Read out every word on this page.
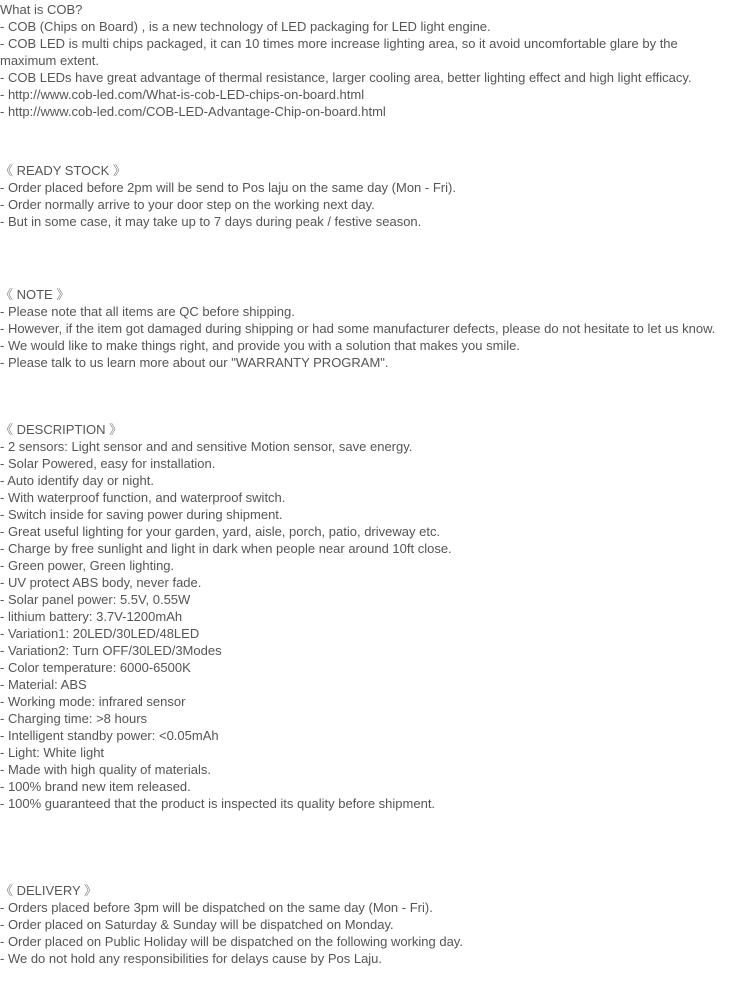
What is COB?

- COB (Chips on Board) , is a new technology of LED packaging for LED light engine.

- COB LED is multi chips packaged, it can 10 times more increase lighting area, so it avoid uncomfortable glare by the maximum extent.

- COB LEDs have great advantage of thermal resistance, larger cooling area, better lighting effect and high light efficacy.

- http://www.cob-led.com/What-is-cob-LED-chips-on-board.html

- http://www.cob-led.com/COB-LED-Advantage-Chip-on-board.html

《 READY STOCK 》

- Order placed before 2pm will be send to Pos laju on the same day (Mon - Fri).

- Order normally arrive to your door step on the working next day.

- But in some case, it may take up to 7 days during peak / festive season.

《 NOTE 》

- Please note that all items are QC before shipping.

- However, if the item got damaged during shipping or had some manufacturer defects, please do not hesitate to let us know.

- We would like to make things right, and provide you with a solution that makes you smile.

- Please talk to us learn more about our "WARRANTY PROGRAM".

《 DESCRIPTION 》

- 2 sensors: Light sensor and and sensitive Motion sensor, save energy.

- Solar Powered, easy for installation.

- Auto identify day or night.

- With waterproof function, and waterproof switch.

- Switch inside for saving power during shipment.

- Great useful lighting for your garden, yard, aisle, porch, patio, driveway etc.

- Charge by free sunlight and light in dark when people near around 10ft close.

- Green power, Green lighting.

- UV protect ABS body, never fade.

- Solar panel power: 5.5V, 0.55W

- lithium battery: 3.7V-1200mAh

- Variation1: 20LED/30LED/48LED

- Variation2: Turn OFF/30LED/3Modes

- Color temperature: 6000-6500K

- Material: ABS

- Working mode: infrared sensor

- Charging time: >8 hours

- Intelligent standby power: <0.05mAh

- Light: White light

- Made with high quality of materials.

- 100% brand new item released.

- 100% guaranteed that the product is inspected its quality before shipment.

《 DELIVERY 》

- Orders placed before 3pm will be dispatched on the same day (Mon - Fri).

- Order placed on Saturday & Sunday will be dispatched on Monday.

- Order placed on Public Holiday will be dispatched on the following working day.

- We do not hold any responsibilities for delays cause by Pos Laju.
